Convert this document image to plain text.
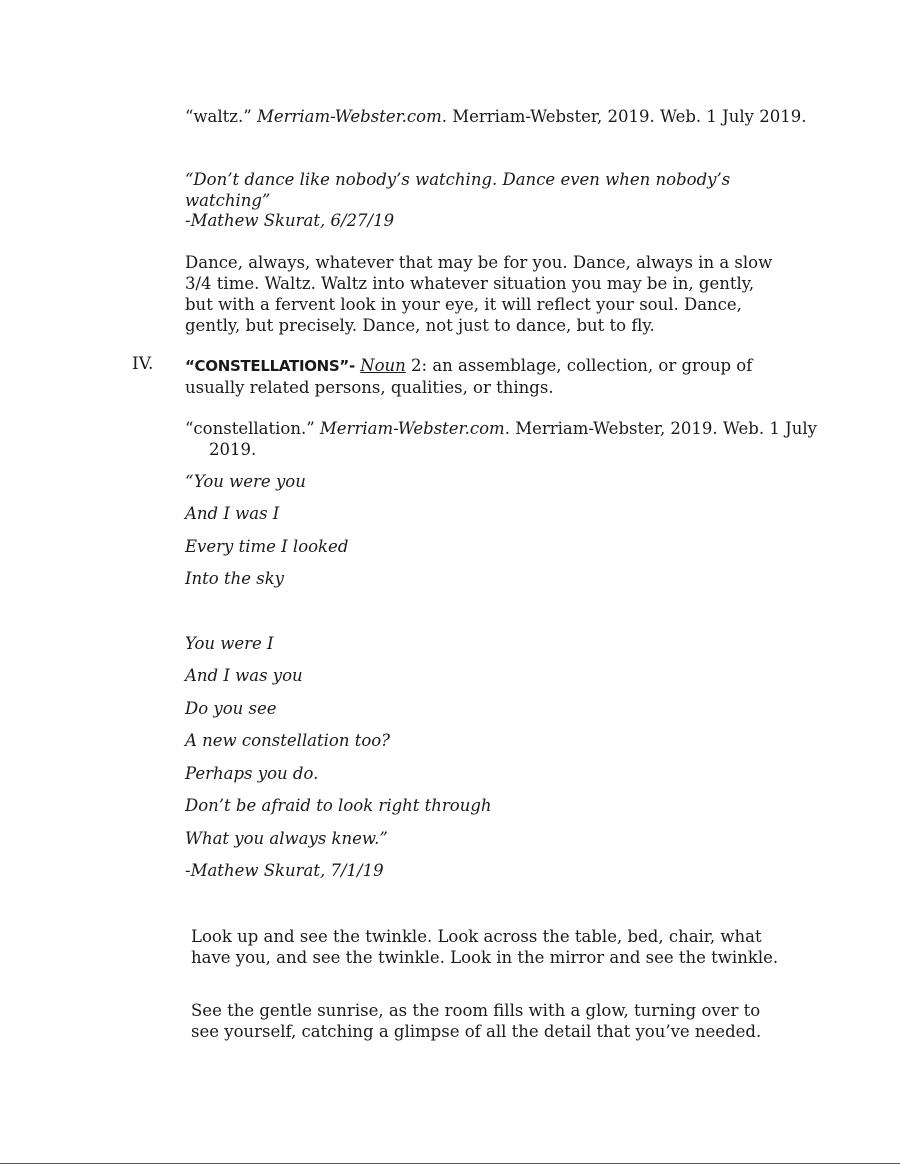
“waltz.” Merriam-Webster.com. Merriam-Webster, 2019. Web. 1 July 2019.
“Don’t dance like nobody’s watching. Dance even when nobody’s watching”
-Mathew Skurat, 6/27/19
Dance, always, whatever that may be for you. Dance, always in a slow 3/4 time. Waltz. Waltz into whatever situation you may be in, gently, but with a fervent look in your eye, it will reflect your soul. Dance, gently, but precisely. Dance, not just to dance, but to fly.
IV. “CONSTELLATIONS”- Noun 2: an assemblage, collection, or group of usually related persons, qualities, or things.
“constellation.” Merriam-Webster.com. Merriam-Webster, 2019. Web. 1 July 2019.
“You were you
And I was I
Every time I looked
Into the sky
You were I
And I was you
Do you see
A new constellation too?
Perhaps you do.
Don’t be afraid to look right through
What you always knew.”
-Mathew Skurat, 7/1/19
Look up and see the twinkle. Look across the table, bed, chair, what have you, and see the twinkle. Look in the mirror and see the twinkle.
See the gentle sunrise, as the room fills with a glow, turning over to see yourself, catching a glimpse of all the detail that you’ve needed.
